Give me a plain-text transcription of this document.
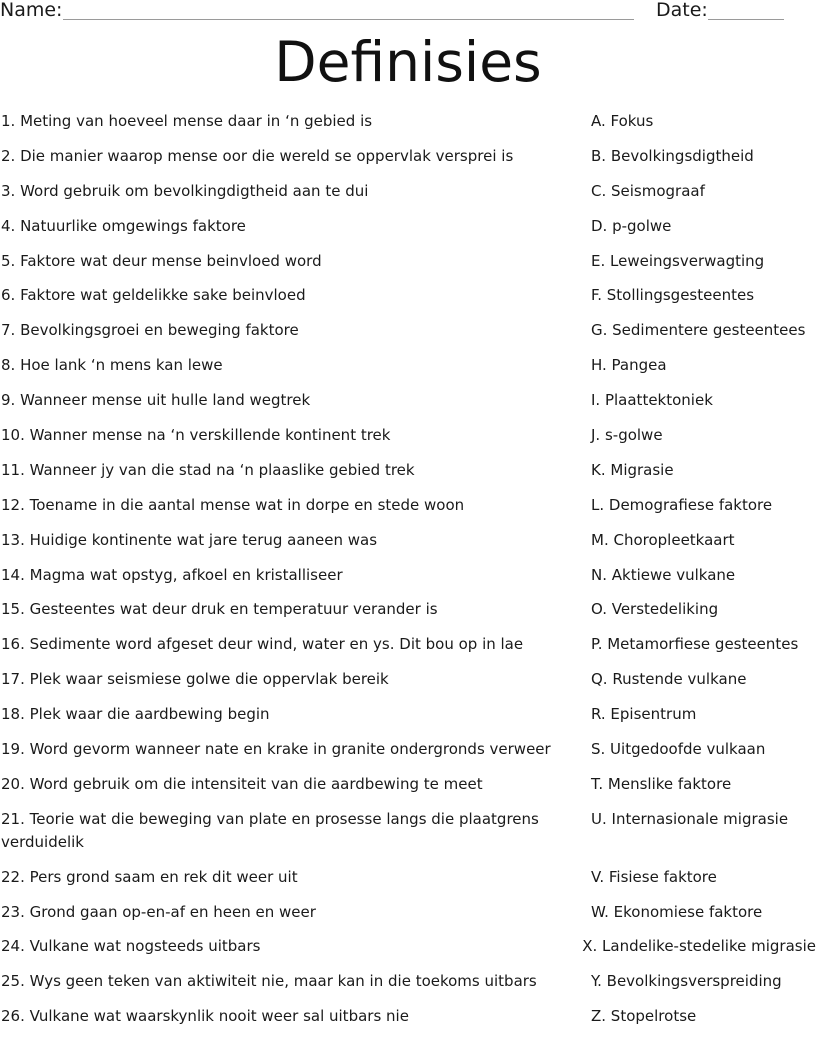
Name:	Date:
Definisies
1. Meting van hoeveel mense daar in ‘n gebied is	A. Fokus
2. Die manier waarop mense oor die wereld se oppervlak versprei is	B. Bevolkingsdigtheid
3. Word gebruik om bevolkingdigtheid aan te dui	C. Seismograaf
4. Natuurlike omgewings faktore	D. p-golwe
5. Faktore wat deur mense beinvloed word	E. Leweingsverwagting
6. Faktore wat geldelikke sake beinvloed	F. Stollingsgesteentes
7. Bevolkingsgroei en beweging faktore	G. Sedimentere gesteentees
8. Hoe lank ‘n mens kan lewe	H. Pangea
9. Wanneer mense uit hulle land wegtrek	I. Plaattektoniek
10. Wanner mense na ‘n verskillende kontinent trek	J. s-golwe
11. Wanneer jy van die stad na ‘n plaaslike gebied trek	K. Migrasie
12. Toename in die aantal mense wat in dorpe en stede woon	L. Demografiese faktore
13. Huidige kontinente wat jare terug aaneen was	M. Choropleetkaart
14. Magma wat opstyg, afkoel en kristalliseer	N. Aktiewe vulkane
15. Gesteentes wat deur druk en temperatuur verander is	O. Verstedeliking
16. Sedimente word afgeset deur wind, water en ys. Dit bou op in lae	P. Metamorfiese gesteentes
17. Plek waar seismiese golwe die oppervlak bereik	Q. Rustende vulkane
18. Plek waar die aardbewing begin	R. Episentrum
19. Word gevorm wanneer nate en krake in granite ondergronds verweer	S. Uitgedoofde vulkaan
20. Word gebruik om die intensiteit van die aardbewing te meet	T. Menslike faktore
21. Teorie wat die beweging van plate en prosesse langs die plaatgrens verduidelik
U. Internasionale migrasie
22. Pers grond saam en rek dit weer uit	V. Fisiese faktore
23. Grond gaan op-en-af en heen en weer	W. Ekonomiese faktore
24. Vulkane wat nogsteeds uitbars	X. Landelike-stedelike migrasie
25. Wys geen teken van aktiwiteit nie, maar kan in die toekoms uitbars	Y. Bevolkingsverspreiding
26. Vulkane wat waarskynlik nooit weer sal uitbars nie	Z. Stopelrotse
